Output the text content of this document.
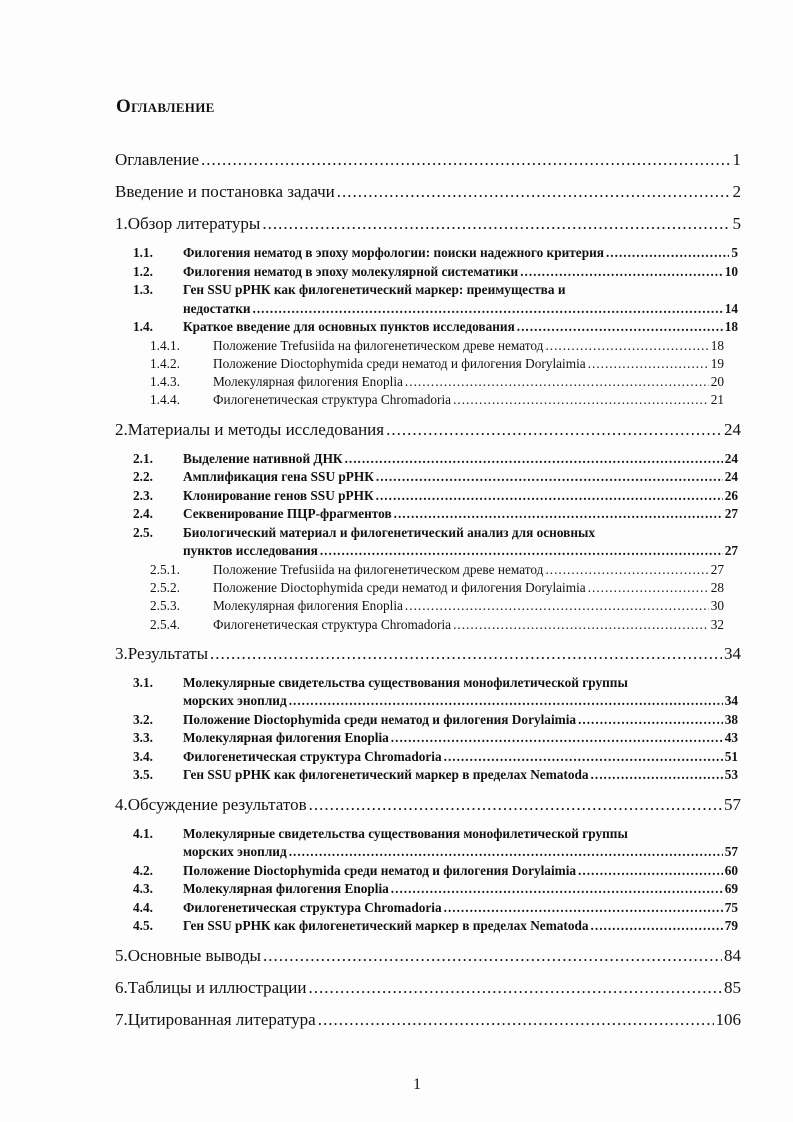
Оглавление
Оглавление .....	1
Введение и постановка задачи .....	2
1.Обзор литературы .....	5
1.1.	Филогения нематод в эпоху морфологии: поиски надежного критерия .....	5
1.2.	Филогения нематод в эпоху молекулярной систематики .....	10
1.3.	Ген SSU рРНК как филогенетический маркер: преимущества и
недостатки .....	14
1.4.	Краткое введение для основных пунктов исследования .....	18
1.4.1.	Положение Trefusiida на филогенетическом древе нематод .....	18
1.4.2.	Положение Dioctophymida среди нематод и филогения Dorylaimia .....	19
1.4.3.	Молекулярная филогения Enoplia .....	20
1.4.4.	Филогенетическая структура Chromadoria .....	21
2.Материалы и методы исследования .....	24
2.1.	Выделение нативной ДНК .....	24
2.2.	Амплификация гена SSU рРНК .....	24
2.3.	Клонирование генов SSU рРНК .....	26
2.4.	Секвенирование ПЦР-фрагментов .....	27
2.5.	Биологический материал и филогенетический анализ для основных
пунктов исследования .....	27
2.5.1.	Положение Trefusiida на филогенетическом древе нематод .....	27
2.5.2.	Положение Dioctophymida среди нематод и филогения Dorylaimia .....	28
2.5.3.	Молекулярная филогения Enoplia .....	30
2.5.4.	Филогенетическая структура Chromadoria .....	32
3.Результаты .....	34
3.1.	Молекулярные свидетельства существования монофилетической группы
морских эноплид .....	34
3.2.	Положение Dioctophymida среди нематод и филогения Dorylaimia .....	38
3.3.	Молекулярная филогения Enoplia .....	43
3.4.	Филогенетическая структура Chromadoria .....	51
3.5.	Ген SSU рРНК как филогенетический маркер в пределах Nematoda .....	53
4.Обсуждение результатов .....	57
4.1.	Молекулярные свидетельства существования монофилетической группы
морских эноплид .....	57
4.2.	Положение Dioctophymida среди нематод и филогения Dorylaimia .....	60
4.3.	Молекулярная филогения Enoplia .....	69
4.4.	Филогенетическая структура Chromadoria .....	75
4.5.	Ген SSU рРНК как филогенетический маркер в пределах Nematoda .....	79
5.Основные выводы .....	84
6.Таблицы и иллюстрации .....	85
7.Цитированная литература .....	106
1
